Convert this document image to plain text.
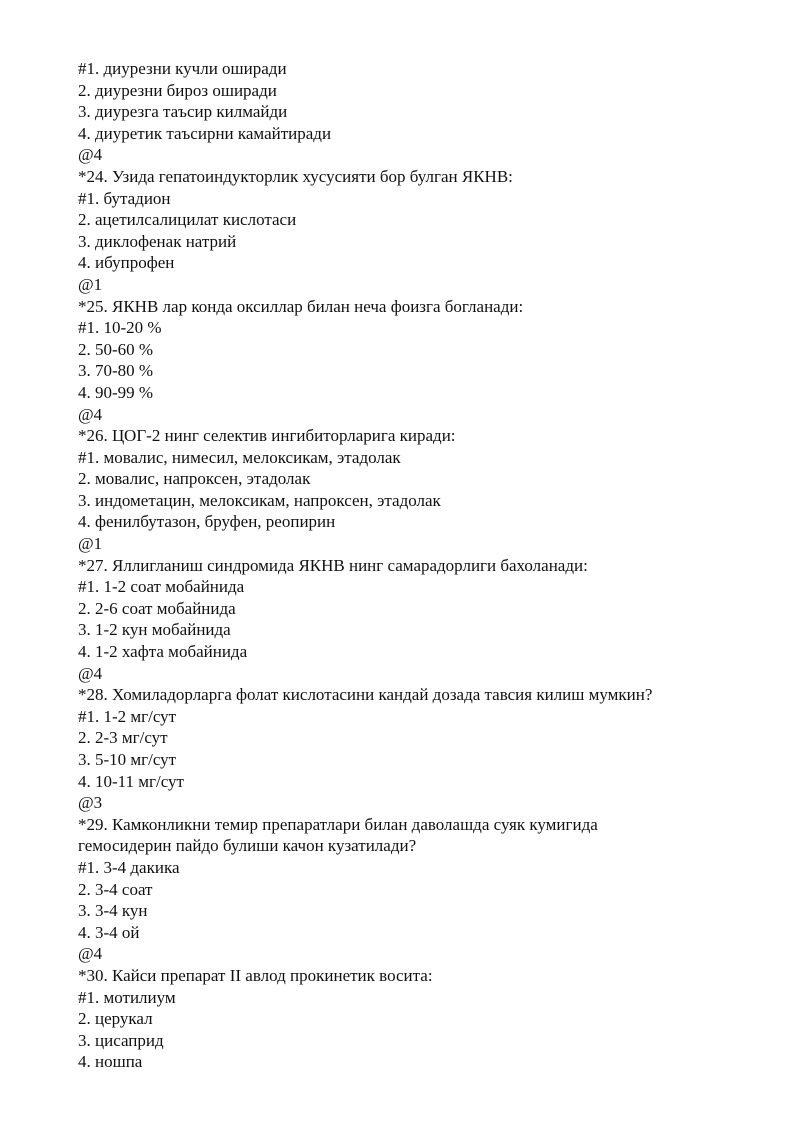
#1. диурезни кучли оширади
2. диурезни бироз оширади
3. диурезга таъсир килмайди
4. диуретик таъсирни камайтиради
@4
*24. Узида гепатоиндукторлик хусусияти бор булган ЯКНВ:
#1. бутадион
2. ацетилсалицилат кислотаси
3. диклофенак натрий
4. ибупрофен
@1
*25. ЯКНВ лар конда оксиллар билан неча фоизга богланади:
#1. 10-20 %
2. 50-60 %
3. 70-80 %
4. 90-99 %
@4
*26. ЦОГ-2 нинг селектив ингибиторларига киради:
#1. мовалис, нимесил, мелоксикам, этадолак
2. мовалис, напроксен, этадолак
3. индометацин, мелоксикам, напроксен, этадолак
4. фенилбутазон, бруфен, реопирин
@1
*27. Яллигланиш синдромида ЯКНВ нинг самарадорлиги бахоланади:
#1. 1-2 соат мобайнида
2. 2-6 соат мобайнида
3. 1-2 кун мобайнида
4. 1-2 хафта мобайнида
@4
*28. Хомиладорларга фолат кислотасини кандай дозада тавсия килиш мумкин?
#1. 1-2 мг/сут
2. 2-3 мг/сут
3. 5-10 мг/сут
4. 10-11 мг/сут
@3
*29. Камконликни темир препаратлари билан даволашда суяк кумигида
гемосидерин пайдо булиши качон кузатилади?
#1. 3-4 дакика
2. 3-4 соат
3. 3-4 кун
4. 3-4 ой
@4
*30. Кайси препарат II авлод прокинетик восита:
#1. мотилиум
2. церукал
3. цисаприд
4. ношпа
